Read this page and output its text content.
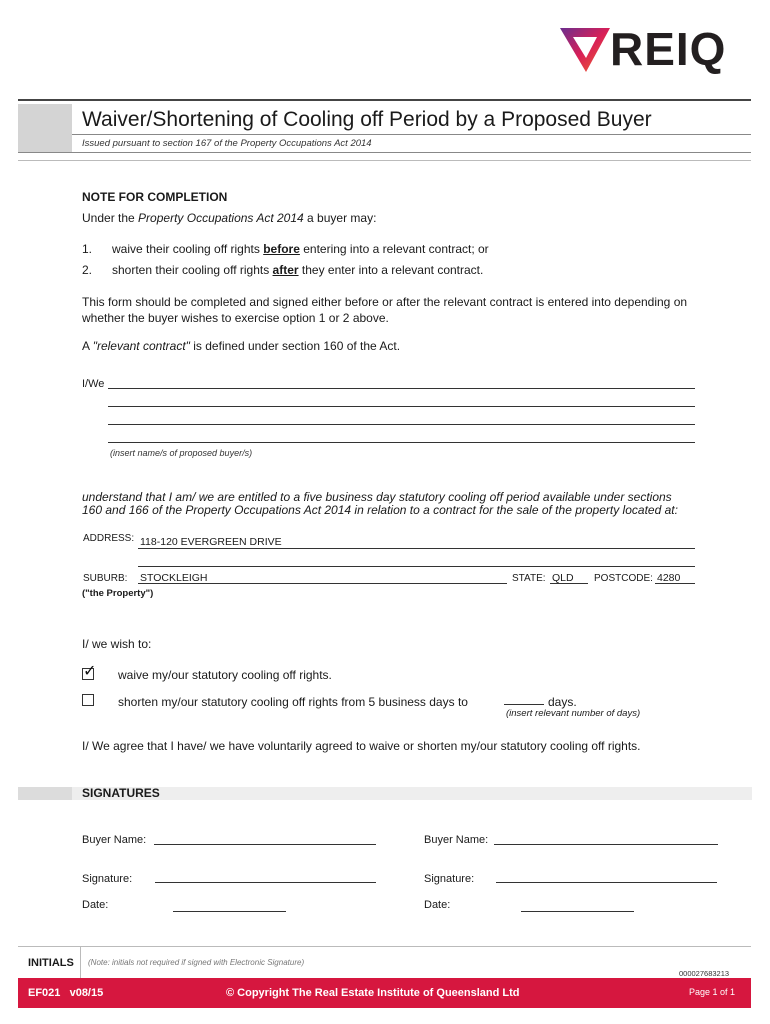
REIQ
Waiver/Shortening of Cooling off Period by a Proposed Buyer
Issued pursuant to section 167 of the Property Occupations Act 2014
NOTE FOR COMPLETION
Under the Property Occupations Act 2014 a buyer may:
1. waive their cooling off rights before entering into a relevant contract; or
2. shorten their cooling off rights after they enter into a relevant contract.
This form should be completed and signed either before or after the relevant contract is entered into depending on
whether the buyer wishes to exercise option 1 or 2 above.
A "relevant contract" is defined under section 160 of the Act.
I/We
(insert name/s of proposed buyer/s)
understand that I am/ we are entitled to a five business day statutory cooling off period available under sections
160 and 166 of the Property Occupations Act 2014 in relation to a contract for the sale of the property located at:
ADDRESS: 118-120 EVERGREEN DRIVE
SUBURB: STOCKLEIGH	STATE: QLD POSTCODE: 4280
("the Property")
I/ we wish to:
✓ waive my/our statutory cooling off rights.
shorten my/our statutory cooling off rights from 5 business days to	days.
(insert relevant number of days)
I/ We agree that I have/ we have voluntarily agreed to waive or shorten my/our statutory cooling off rights.
SIGNATURES
Buyer Name:	Buyer Name:
Signature:	Signature:
Date:	Date:
INITIALS (Note: initials not required if signed with Electronic Signature)
000027683213
EF021   v08/15	© Copyright The Real Estate Institute of Queensland Ltd	Page 1 of 1
